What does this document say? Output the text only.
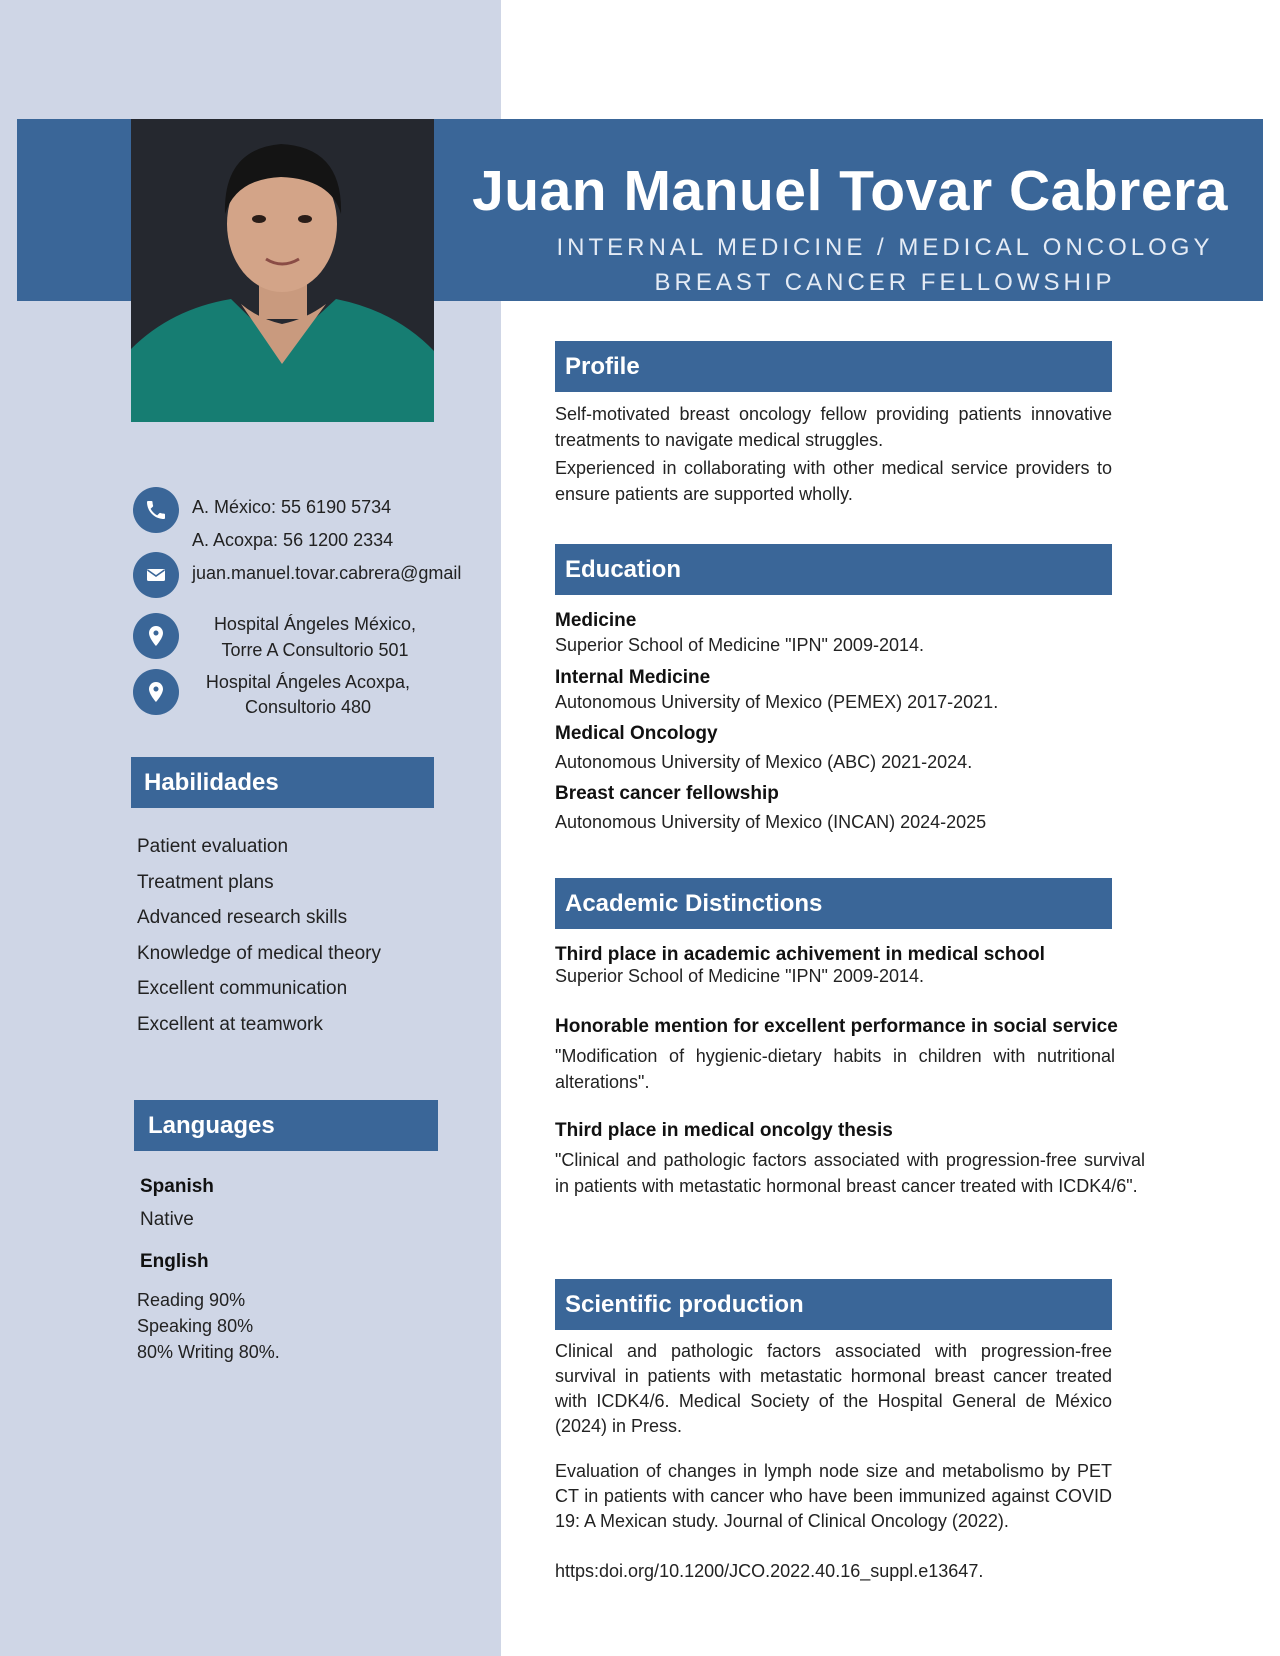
Juan Manuel Tovar Cabrera
INTERNAL MEDICINE / MEDICAL ONCOLOGY
BREAST CANCER FELLOWSHIP
A. México: 55 6190 5734
A. Acoxpa: 56 1200 2334
juan.manuel.tovar.cabrera@gmail
Hospital Ángeles México,
Torre A Consultorio 501
Hospital Ángeles Acoxpa,
Consultorio 480
Habilidades
Patient evaluation
Treatment plans
Advanced research skills
Knowledge of medical theory
Excellent communication
Excellent at teamwork
Languages
Spanish
Native
English
Reading 90%
Speaking 80%
80% Writing 80%.
Profile
Self-motivated breast oncology fellow providing patients innovative treatments to navigate medical struggles.
Experienced in collaborating with other medical service providers to ensure patients are supported wholly.
Education
Medicine
Superior School of Medicine "IPN" 2009-2014.
Internal Medicine
Autonomous University of Mexico (PEMEX) 2017-2021.
Medical Oncology
Autonomous University of Mexico (ABC) 2021-2024.
Breast cancer fellowship
Autonomous University of Mexico (INCAN) 2024-2025
Academic Distinctions
Third place in academic achivement in medical school
Superior School of Medicine "IPN" 2009-2014.
Honorable mention for excellent performance in social service
"Modification of hygienic-dietary habits in children with nutritional alterations".
Third place in medical oncolgy thesis
"Clinical and pathologic factors associated with progression-free survival in patients with metastatic hormonal breast cancer treated with ICDK4/6".
Scientific production
Clinical and pathologic factors associated with progression-free survival in patients with metastatic hormonal breast cancer treated with ICDK4/6. Medical Society of the Hospital General de México (2024) in Press.
Evaluation of changes in lymph node size and metabolismo by PET CT in patients with cancer who have been immunized against COVID 19: A Mexican study. Journal of Clinical Oncology (2022).
https:doi.org/10.1200/JCO.2022.40.16_suppl.e13647.
